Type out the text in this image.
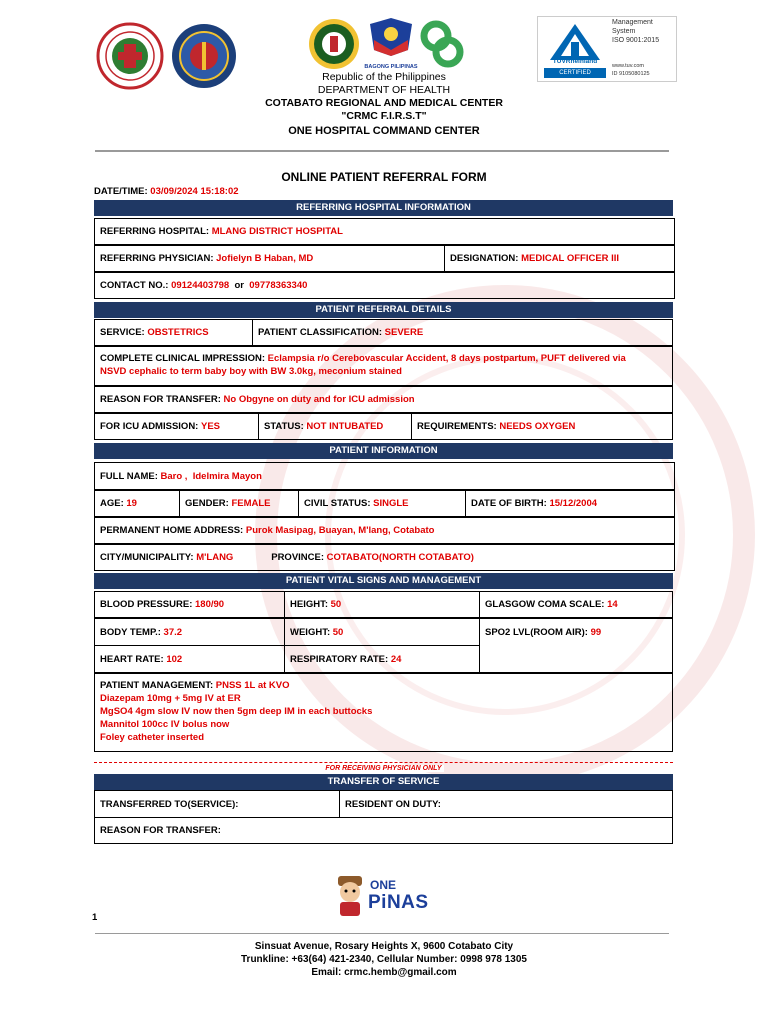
BAGONG PILIPINAS
TÜVRheinland
CERTIFIED
Management
System
ISO 9001:2015
www.tuv.com
ID 9105080125
Republic of the Philippines
DEPARTMENT OF HEALTH
COTABATO REGIONAL AND MEDICAL CENTER
"CRMC F.I.R.S.T"
ONE HOSPITAL COMMAND CENTER
ONLINE PATIENT REFERRAL FORM
DATE/TIME: 03/09/2024 15:18:02
REFERRING HOSPITAL INFORMATION
REFERRING HOSPITAL:
MLANG DISTRICT HOSPITAL
REFERRING PHYSICIAN:
Jofielyn B Haban, MD	DESIGNATION:
MEDICAL OFFICER III
CONTACT NO.:
09124403798
or
09778363340
PATIENT REFERRAL DETAILS
SERVICE:
OBSTETRICS	PATIENT CLASSIFICATION:
SEVERE
COMPLETE CLINICAL IMPRESSION: Eclampsia r/o Cerebovascular Accident, 8 days postpartum, PUFT delivered via
NSVD cephalic to term baby boy with BW 3.0kg, meconium stained
REASON FOR TRANSFER:
No Obgyne on duty and for ICU admission
FOR ICU ADMISSION:
YES	STATUS:
NOT INTUBATED	REQUIREMENTS:
NEEDS OXYGEN
PATIENT INFORMATION
FULL NAME:
Baro ,  Idelmira Mayon
AGE:
19	GENDER:
FEMALE	CIVIL STATUS:
SINGLE	DATE OF BIRTH:
15/12/2004
PERMANENT HOME ADDRESS:
Purok Masipag, Buayan, M'lang, Cotabato
CITY/MUNICIPALITY:
M'LANG	PROVINCE:
COTABATO(NORTH COTABATO)
PATIENT VITAL SIGNS AND MANAGEMENT
BLOOD PRESSURE:
180/90	HEIGHT:
50	GLASGOW COMA SCALE:
14
BODY TEMP.:
37.2	WEIGHT:
50	SPO2 LVL(ROOM AIR):
99
HEART RATE:
102	RESPIRATORY RATE:
24
PATIENT MANAGEMENT: PNSS 1L at KVO
Diazepam 10mg + 5mg IV at ER
MgSO4 4gm slow IV now then 5gm deep IM in each buttocks
Mannitol 100cc IV bolus now
Foley catheter inserted
FOR RECEIVING PHYSICIAN ONLY
TRANSFER OF SERVICE
TRANSFERRED TO(SERVICE):	RESIDENT ON DUTY:
REASON FOR TRANSFER:
ONE
PiNAS
1
Sinsuat Avenue, Rosary Heights X, 9600 Cotabato City
Trunkline: +63(64) 421-2340, Cellular Number: 0998 978 1305
Email: crmc.hemb@gmail.com
